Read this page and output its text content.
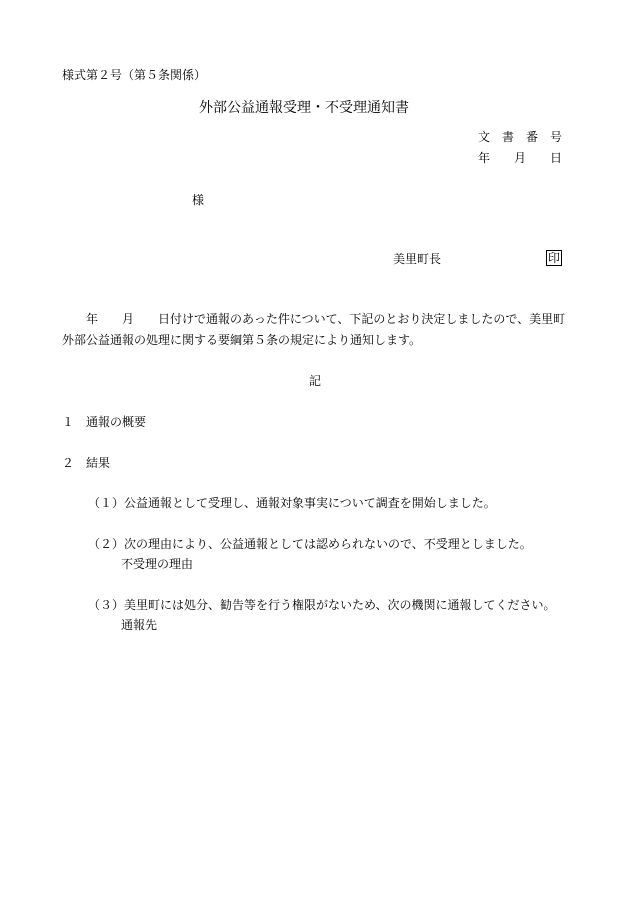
様式第２号（第５条関係）
外部公益通報受理・不受理通知書
文　書　番　号
年　　月　　日
様
美里町長	印
　　年　　月　　日付けで通報のあった件について、下記のとおり決定しましたので、美里町
外部公益通報の処理に関する要綱第５条の規定により通知します。
記
１　通報の概要
２　結果
（１）公益通報として受理し、通報対象事実について調査を開始しました。
（２）次の理由により、公益通報としては認められないので、不受理としました。
不受理の理由
（３）美里町には処分、勧告等を行う権限がないため、次の機関に通報してください。
通報先
